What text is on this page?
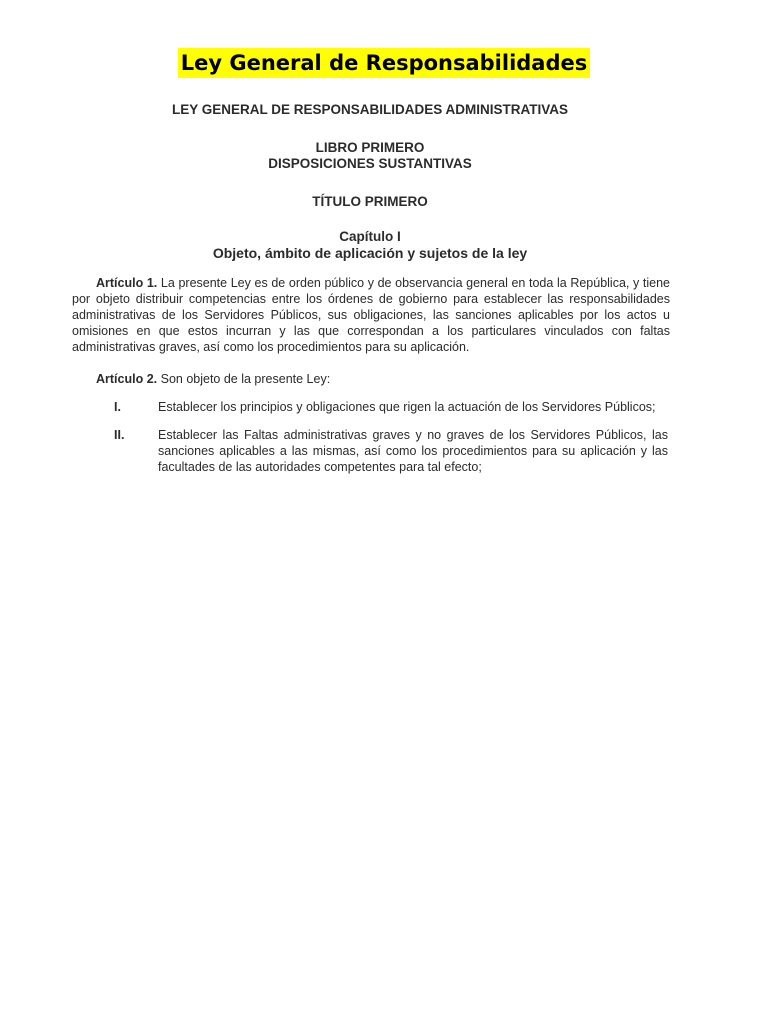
Ley General de Responsabilidades

LEY GENERAL DE RESPONSABILIDADES ADMINISTRATIVAS

LIBRO PRIMERO

DISPOSICIONES SUSTANTIVAS

TÍTULO PRIMERO

Capítulo I

Objeto, ámbito de aplicación y sujetos de la ley

Artículo 1. La presente Ley es de orden público y de observancia general en toda la República, y tiene por objeto distribuir competencias entre los órdenes de gobierno para establecer las responsabilidades administrativas de los Servidores Públicos, sus obligaciones, las sanciones aplicables por los actos u omisiones en que estos incurran y las que correspondan a los particulares vinculados con faltas administrativas graves, así como los procedimientos para su aplicación.

Artículo 2. Son objeto de la presente Ley:

I.	Establecer los principios y obligaciones que rigen la actuación de los Servidores Públicos;
II.	Establecer las Faltas administrativas graves y no graves de los Servidores Públicos, las sanciones aplicables a las mismas, así como los procedimientos para su aplicación y las facultades de las autoridades competentes para tal efecto;
